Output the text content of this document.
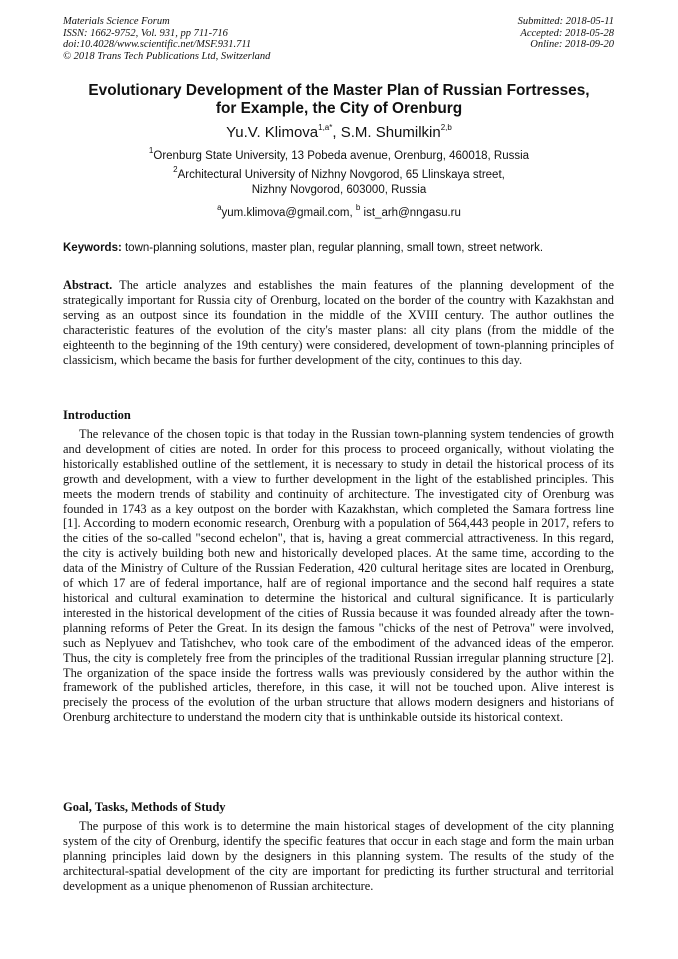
Materials Science Forum
ISSN: 1662-9752, Vol. 931, pp 711-716
doi:10.4028/www.scientific.net/MSF.931.711
© 2018 Trans Tech Publications Ltd, Switzerland
Submitted: 2018-05-11
Accepted: 2018-05-28
Online: 2018-09-20
Evolutionary Development of the Master Plan of Russian Fortresses,
for Example, the City of Orenburg
Yu.V. Klimova$^{1,a*}$, S.M. Shumilkin$^{2,b}$
$^1$Orenburg State University, 13 Pobeda avenue, Orenburg, 460018, Russia
$^2$Architectural University of Nizhny Novgorod, 65 Llinskaya street,
Nizhny Novgorod, 603000, Russia
$^a$yum.klimova@gmail.com, $^b$ ist_arh@nngasu.ru
Keywords: town-planning solutions, master plan, regular planning, small town, street network.
Abstract. The article analyzes and establishes the main features of the planning development of the strategically important for Russia city of Orenburg, located on the border of the country with Kazakhstan and serving as an outpost since its foundation in the middle of the XVIII century. The author outlines the characteristic features of the evolution of the city's master plans: all city plans (from the middle of the eighteenth to the beginning of the 19th century) were considered, development of town-planning principles of classicism, which became the basis for further development of the city, continues to this day.
Introduction
The relevance of the chosen topic is that today in the Russian town-planning system tendencies of growth and development of cities are noted. In order for this process to proceed organically, without violating the historically established outline of the settlement, it is necessary to study in detail the historical process of its growth and development, with a view to further development in the light of the established principles. This meets the modern trends of stability and continuity of architecture. The investigated city of Orenburg was founded in 1743 as a key outpost on the border with Kazakhstan, which completed the Samara fortress line [1]. According to modern economic research, Orenburg with a population of 564,443 people in 2017, refers to the cities of the so-called "second echelon", that is, having a great commercial attractiveness. In this regard, the city is actively building both new and historically developed places. At the same time, according to the data of the Ministry of Culture of the Russian Federation, 420 cultural heritage sites are located in Orenburg, of which 17 are of federal importance, half are of regional importance and the second half requires a state historical and cultural examination to determine the historical and cultural significance. It is particularly interested in the historical development of the cities of Russia because it was founded already after the town-planning reforms of Peter the Great. In its design the famous "chicks of the nest of Petrova" were involved, such as Neplyuev and Tatishchev, who took care of the embodiment of the advanced ideas of the emperor. Thus, the city is completely free from the principles of the traditional Russian irregular planning structure [2]. The organization of the space inside the fortress walls was previously considered by the author within the framework of the published articles, therefore, in this case, it will not be touched upon. Alive interest is precisely the process of the evolution of the urban structure that allows modern designers and historians of Orenburg architecture to understand the modern city that is unthinkable outside its historical context.
Goal, Tasks, Methods of Study
The purpose of this work is to determine the main historical stages of development of the city planning system of the city of Orenburg, identify the specific features that occur in each stage and form the main urban planning principles laid down by the designers in this planning system. The results of the study of the architectural-spatial development of the city are important for predicting its further structural and territorial development as a unique phenomenon of Russian architecture.
